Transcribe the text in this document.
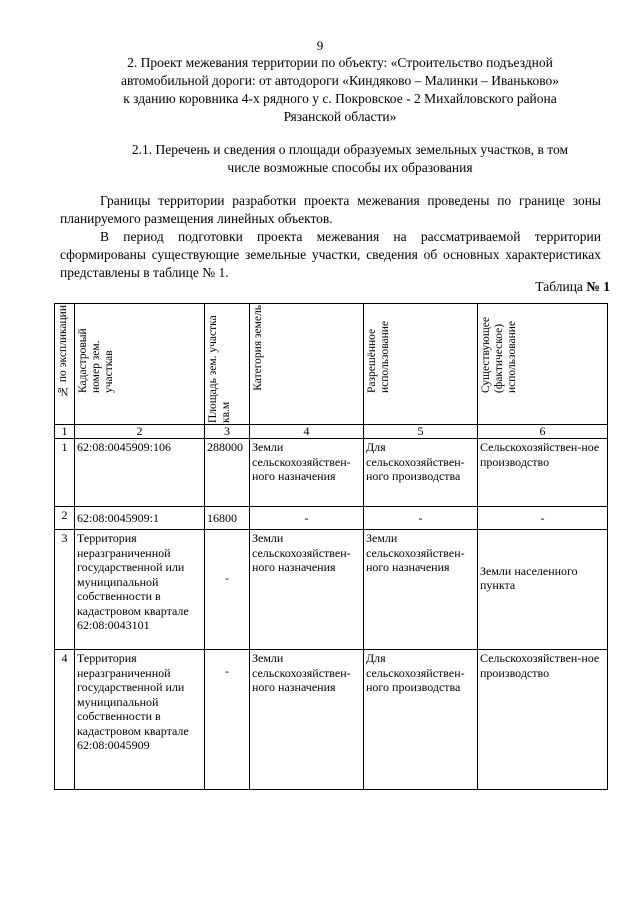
9
2. Проект межевания территории по объекту: «Строительство подъездной
автомобильной дороги: от автодороги «Киндяково – Малинки – Иваньково»
к зданию коровника 4-х рядного у с. Покровское - 2 Михайловского района
Рязанской области»
2.1. Перечень и сведения о площади образуемых земельных участков, в том
числе возможные способы их образования

Границы территории разработки проекта межевания проведены по границе зоны планируемого размещения линейных объектов.

В период подготовки проекта межевания на рассматриваемой территории сформированы существующие земельные участки, сведения об основных характеристиках представлены в таблице № 1.

Таблица № 1
№ по экспликации	Кадастровый номер зем. участкав	Площадь зем. участка кв.м	Категория земель	Разрешённое использование	Существующее (фактическое) использование

1	2	3	4	5	6
1	62:08:0045909:106	288000	Земли сельскохозяйствен-ного назначения	Для сельскохозяйствен-ного производства	Сельскохозяйствен-ное производство
2	62:08:0045909:1	16800	-	-	-
3	Территория неразграниченной государственной или муниципальной собственности в кадастровом квартале 62:08:0043101	-	Земли сельскохозяйствен-ного назначения	Земли сельскохозяйствен-ного назначения	Земли населенного пункта
4	Территория неразграниченной государственной или муниципальной собственности в кадастровом квартале 62:08:0045909	-	Земли сельскохозяйствен-ного назначения	Для сельскохозяйствен-ного производства	Сельскохозяйствен-ное производство
